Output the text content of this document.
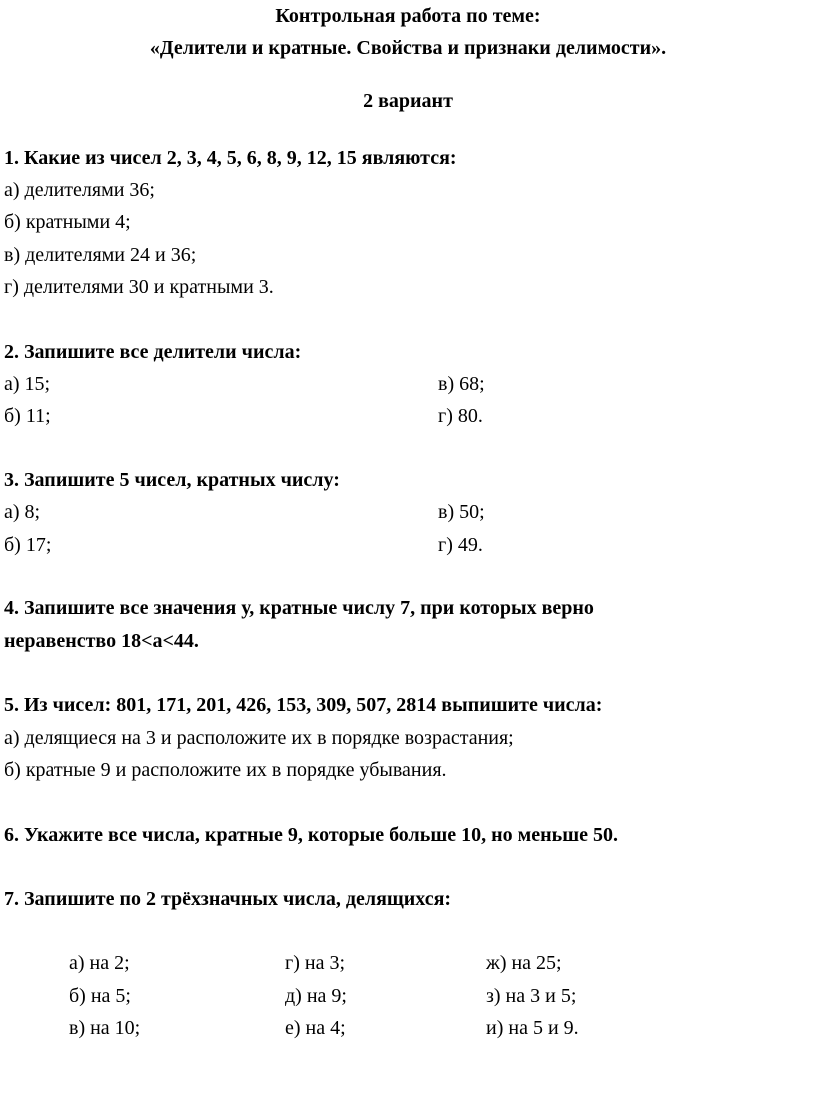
Контрольная работа по теме:
«Делители и кратные. Свойства и признаки делимости».
2 вариант
1. Какие из чисел 2, 3, 4, 5, 6, 8, 9, 12, 15 являются:
а) делителями 36;
б) кратными 4;
в) делителями 24 и 36;
г) делителями 30 и кратными 3.
2. Запишите все делители числа:
а) 15;	в) 68;
б) 11;	г) 80.
3. Запишите 5 чисел, кратных числу:
а) 8;	в) 50;
б) 17;	г) 49.
4. Запишите все значения у, кратные числу 7, при которых верно
неравенство 18<а<44.
5. Из чисел: 801, 171, 201, 426, 153, 309, 507, 2814 выпишите числа:
а) делящиеся на 3 и расположите их в порядке возрастания;
б) кратные 9 и расположите их в порядке убывания.
6. Укажите все числа, кратные 9, которые больше 10, но меньше 50.
7. Запишите по 2 трёхзначных числа, делящихся:
а) на 2;	г) на 3;	ж) на 25;
б) на 5;	д) на 9;	з) на 3 и 5;
в) на 10;	е) на 4;	и) на 5 и 9.
